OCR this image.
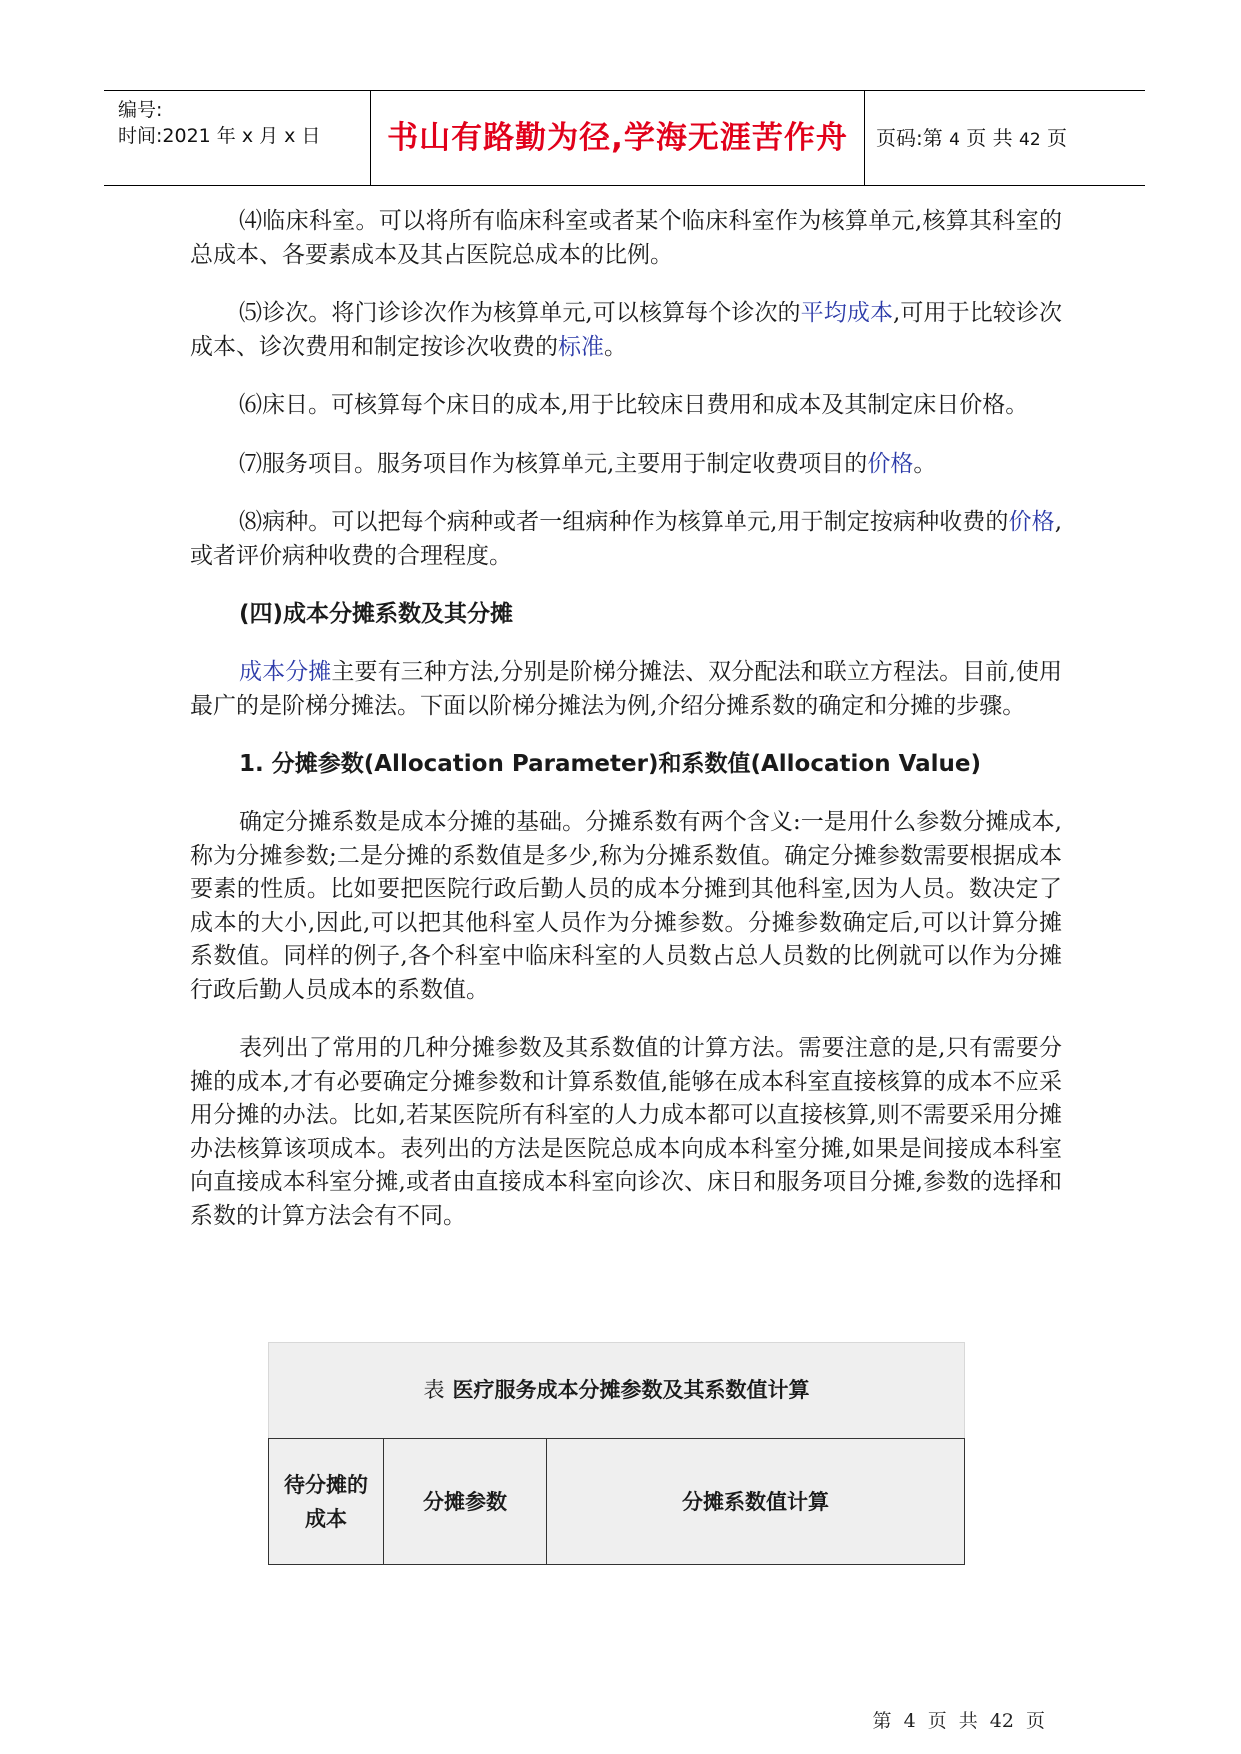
编号:
时间:2021 年 x 月 x 日	书山有路勤为径,学海无涯苦作舟	页码:第 4 页 共 42 页

⑷临床科室。可以将所有临床科室或者某个临床科室作为核算单元,核算其科室的总成本、各要素成本及其占医院总成本的比例。

⑸诊次。将门诊诊次作为核算单元,可以核算每个诊次的平均成本,可用于比较诊次成本、诊次费用和制定按诊次收费的标准。

⑹床日。可核算每个床日的成本,用于比较床日费用和成本及其制定床日价格。

⑺服务项目。服务项目作为核算单元,主要用于制定收费项目的价格。

⑻病种。可以把每个病种或者一组病种作为核算单元,用于制定按病种收费的价格,或者评价病种收费的合理程度。

(四)成本分摊系数及其分摊

成本分摊主要有三种方法,分别是阶梯分摊法、双分配法和联立方程法。目前,使用最广的是阶梯分摊法。下面以阶梯分摊法为例,介绍分摊系数的确定和分摊的步骤。

1. 分摊参数(Allocation Parameter)和系数值(Allocation Value)

确定分摊系数是成本分摊的基础。分摊系数有两个含义:一是用什么参数分摊成本,称为分摊参数;二是分摊的系数值是多少,称为分摊系数值。确定分摊参数需要根据成本要素的性质。比如要把医院行政后勤人员的成本分摊到其他科室,因为人员。数决定了成本的大小,因此,可以把其他科室人员作为分摊参数。分摊参数确定后,可以计算分摊系数值。同样的例子,各个科室中临床科室的人员数占总人员数的比例就可以作为分摊行政后勤人员成本的系数值。

表列出了常用的几种分摊参数及其系数值的计算方法。需要注意的是,只有需要分摊的成本,才有必要确定分摊参数和计算系数值,能够在成本科室直接核算的成本不应采用分摊的办法。比如,若某医院所有科室的人力成本都可以直接核算,则不需要采用分摊办法核算该项成本。表列出的方法是医院总成本向成本科室分摊,如果是间接成本科室向直接成本科室分摊,或者由直接成本科室向诊次、床日和服务项目分摊,参数的选择和系数的计算方法会有不同。

表 医疗服务成本分摊参数及其系数值计算
待分摊的
成本	分摊参数	分摊系数值计算
第 4 页 共 42 页
